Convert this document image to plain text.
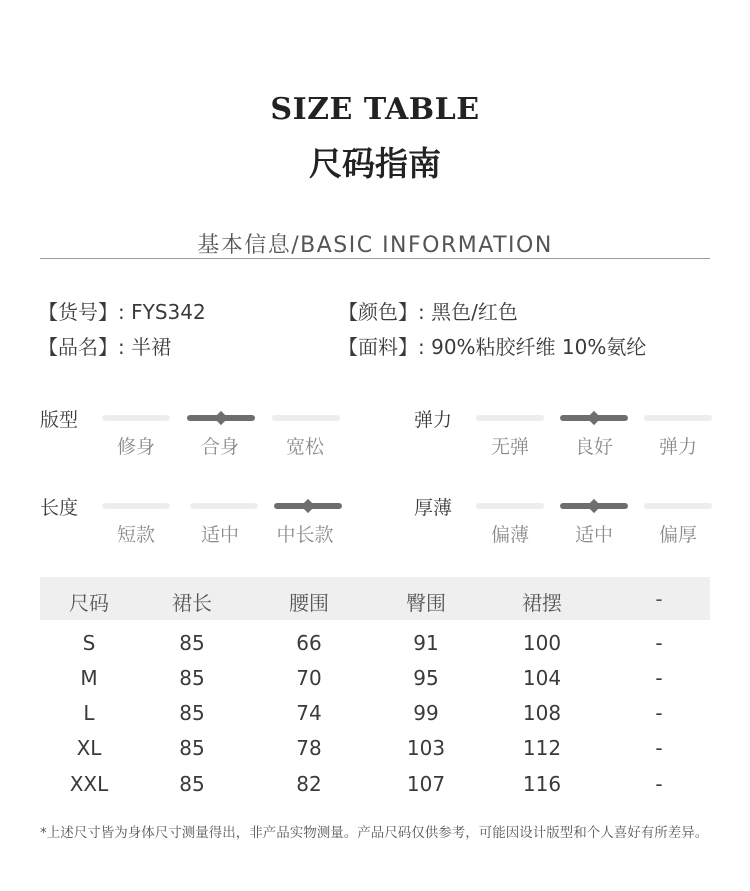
SIZE TABLE
尺码指南
基本信息/BASIC INFORMATION
【货号】: FYS342
【品名】: 半裙
【颜色】: 黑色/红色
【面料】: 90%粘胶纤维 10%氨纶
版型
修身	合身	宽松
弹力
无弹	良好	弹力
长度
短款	适中	中长款
厚薄
偏薄	适中	偏厚
尺码	裙长	腰围	臀围	裙摆	-
S	85	66	91	100	-
M	85	70	95	104	-
L	85	74	99	108	-
XL	85	78	103	112	-
XXL	85	82	107	116	-
*上述尺寸皆为身体尺寸测量得出，非产品实物测量。产品尺码仅供参考，可能因设计版型和个人喜好有所差异。
